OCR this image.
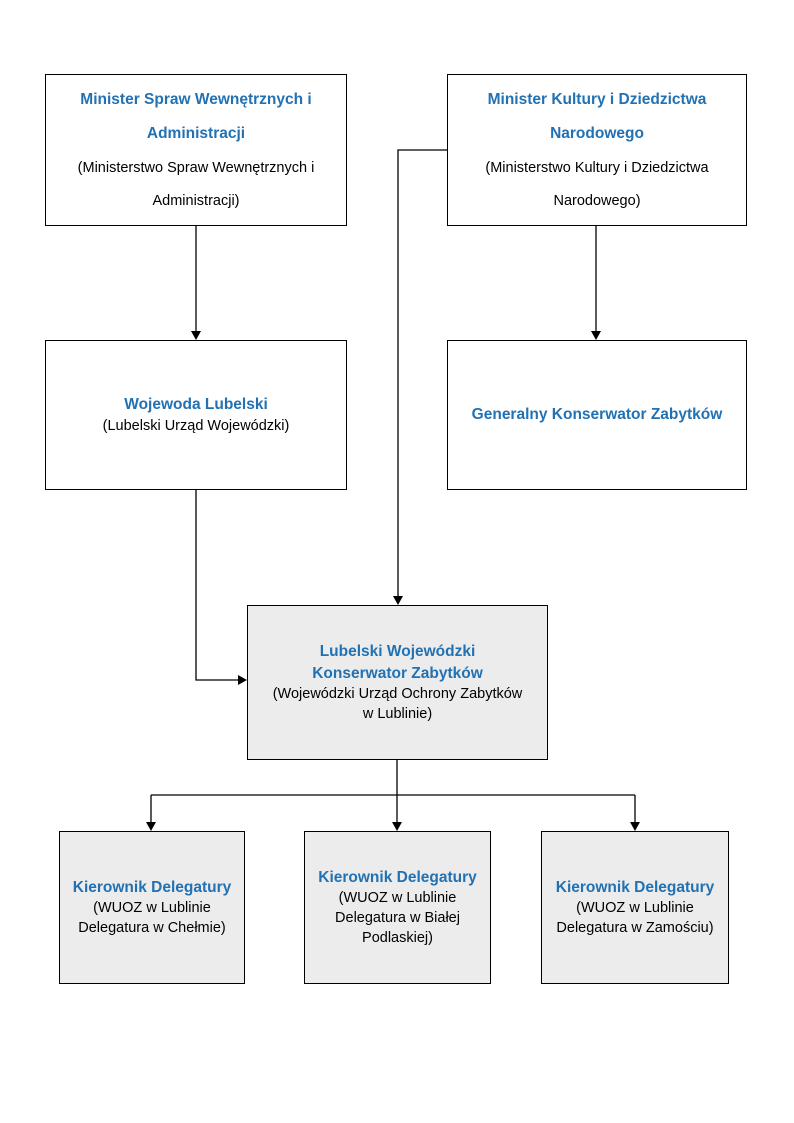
Minister Spraw Wewnętrznych i Administracji
(Ministerstwo Spraw Wewnętrznych i Administracji)
Minister Kultury i Dziedzictwa Narodowego
(Ministerstwo Kultury i Dziedzictwa Narodowego)
Wojewoda Lubelski
(Lubelski Urząd Wojewódzki)
Generalny Konserwator Zabytków
Lubelski Wojewódzki Konserwator Zabytków
(Wojewódzki Urząd Ochrony Zabytków w Lublinie)
Kierownik Delegatury
(WUOZ w Lublinie Delegatura w Chełmie)
Kierownik Delegatury
(WUOZ w Lublinie Delegatura w Białej Podlaskiej)
Kierownik Delegatury
(WUOZ w Lublinie Delegatura w Zamościu)
